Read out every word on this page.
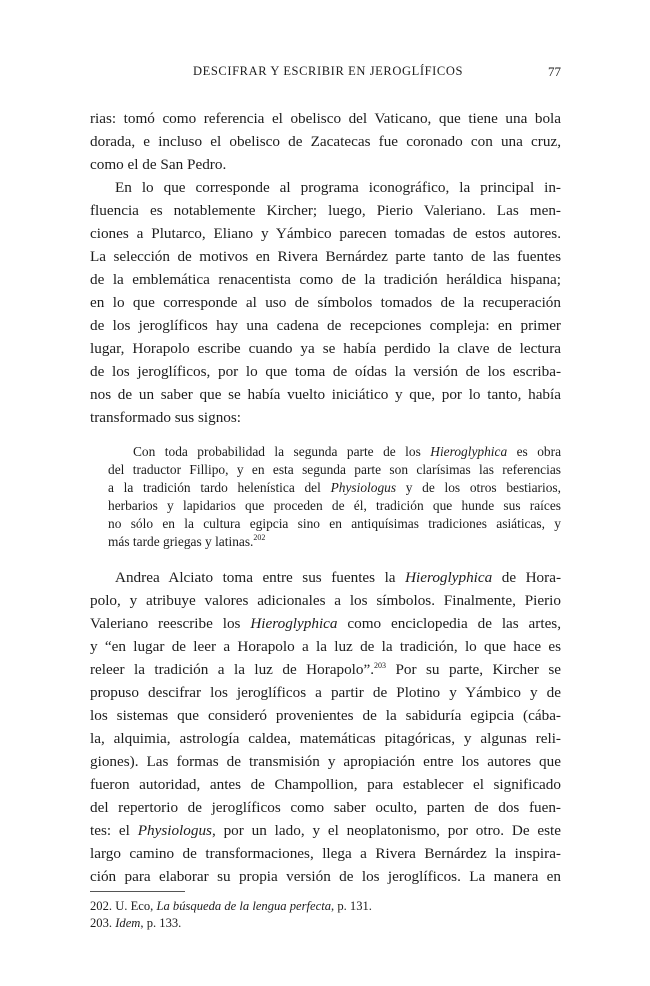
DESCIFRAR Y ESCRIBIR EN JEROGLÍFICOS	77
rias: tomó como referencia el obelisco del Vaticano, que tiene una bola
dorada, e incluso el obelisco de Zacatecas fue coronado con una cruz,
como el de San Pedro.
En lo que corresponde al programa iconográfico, la principal in-
fluencia es notablemente Kircher; luego, Pierio Valeriano. Las men-
ciones a Plutarco, Eliano y Yámbico parecen tomadas de estos autores.
La selección de motivos en Rivera Bernárdez parte tanto de las fuentes
de la emblemática renacentista como de la tradición heráldica hispana;
en lo que corresponde al uso de símbolos tomados de la recuperación
de los jeroglíficos hay una cadena de recepciones compleja: en primer
lugar, Horapolo escribe cuando ya se había perdido la clave de lectura
de los jeroglíficos, por lo que toma de oídas la versión de los escriba-
nos de un saber que se había vuelto iniciático y que, por lo tanto, había
transformado sus signos:
Con toda probabilidad la segunda parte de los Hieroglyphica es obra
del traductor Fillipo, y en esta segunda parte son clarísimas las referencias
a la tradición tardo helenística del Physiologus y de los otros bestiarios,
herbarios y lapidarios que proceden de él, tradición que hunde sus raíces
no sólo en la cultura egipcia sino en antiquísimas tradiciones asiáticas, y
más tarde griegas y latinas.$^{202}$
Andrea Alciato toma entre sus fuentes la Hieroglyphica de Hora-
polo, y atribuye valores adicionales a los símbolos. Finalmente, Pierio
Valeriano reescribe los Hieroglyphica como enciclopedia de las artes,
y “en lugar de leer a Horapolo a la luz de la tradición, lo que hace es
releer la tradición a la luz de Horapolo”.$^{203}$ Por su parte, Kircher se
propuso descifrar los jeroglíficos a partir de Plotino y Yámbico y de
los sistemas que consideró provenientes de la sabiduría egipcia (cába-
la, alquimia, astrología caldea, matemáticas pitagóricas, y algunas reli-
giones). Las formas de transmisión y apropiación entre los autores que
fueron autoridad, antes de Champollion, para establecer el significado
del repertorio de jeroglíficos como saber oculto, parten de dos fuen-
tes: el Physiologus, por un lado, y el neoplatonismo, por otro. De este
largo camino de transformaciones, llega a Rivera Bernárdez la inspira-
ción para elaborar su propia versión de los jeroglíficos. La manera en
202. U. Eco, La búsqueda de la lengua perfecta, p. 131.
203. Idem, p. 133.
